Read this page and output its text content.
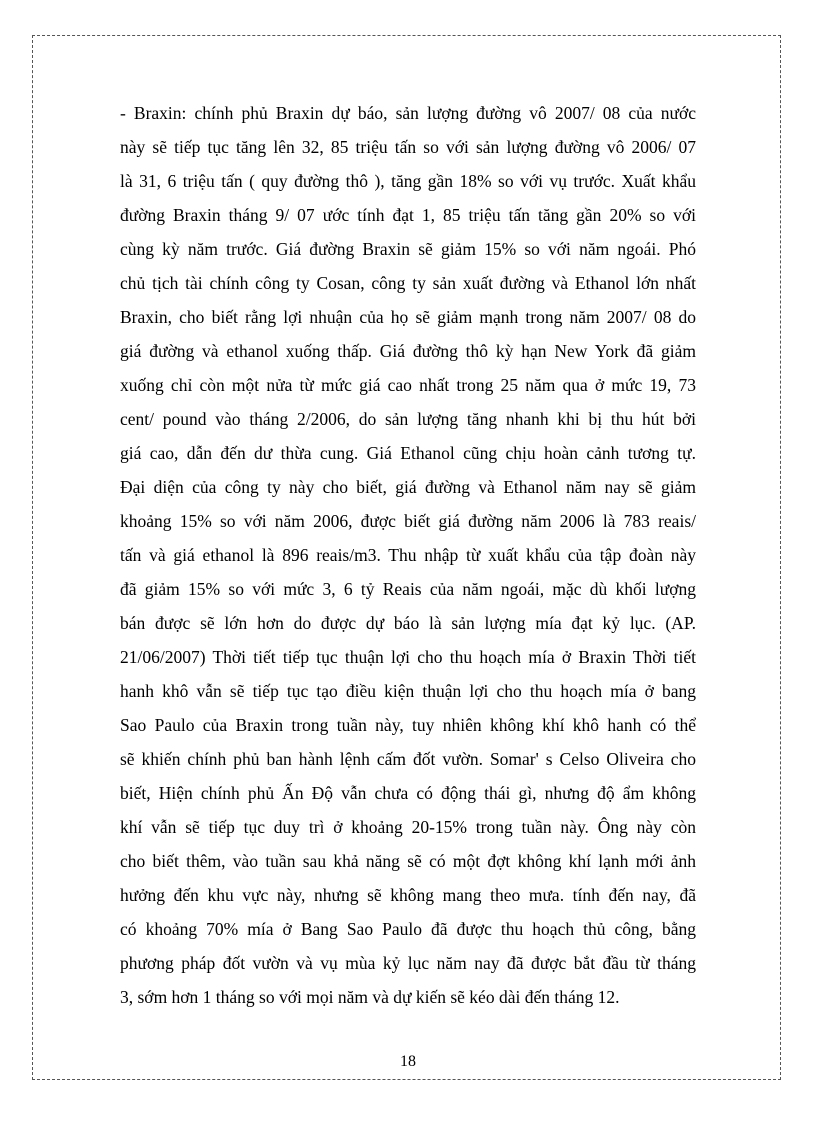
- Braxin: chính phủ Braxin dự báo, sản lượng đường vô 2007/ 08 của nước
này sẽ tiếp tục tăng lên 32, 85 triệu tấn so với sản lượng đường vô 2006/ 07
là 31, 6 triệu tấn ( quy đường thô ), tăng gần 18% so với vụ trước. Xuất khẩu
đường Braxin tháng 9/ 07 ước tính đạt 1, 85 triệu tấn tăng gần 20% so với
cùng kỳ năm trước. Giá đường Braxin sẽ giảm 15% so với năm ngoái. Phó
chủ tịch tài chính công ty Cosan, công ty sản xuất đường và Ethanol lớn nhất
Braxin, cho biết rằng lợi nhuận của họ sẽ giảm mạnh trong năm 2007/ 08 do
giá đường và ethanol xuống thấp. Giá đường thô kỳ hạn New York đã giảm
xuống chỉ còn một nửa từ mức giá cao nhất trong 25 năm qua ở mức 19, 73
cent/ pound vào tháng 2/2006, do sản lượng tăng nhanh khi bị thu hút bởi
giá cao, dẫn đến dư thừa cung. Giá Ethanol cũng chịu hoàn cảnh tương tự.
Đại diện của công ty này cho biết, giá đường và Ethanol năm nay sẽ giảm
khoảng 15% so với năm 2006, được biết giá đường năm 2006 là 783 reais/
tấn và giá ethanol là 896 reais/m3. Thu nhập từ xuất khẩu của tập đoàn này
đã giảm 15% so với mức 3, 6 tỷ Reais của năm ngoái, mặc dù khối lượng
bán được sẽ lớn hơn do được dự báo là sản lượng mía đạt kỷ lục. (AP.
21/06/2007) Thời tiết tiếp tục thuận lợi cho thu hoạch mía ở Braxin Thời tiết
hanh khô vẫn sẽ tiếp tục tạo điều kiện thuận lợi cho thu hoạch mía ở bang
Sao Paulo của Braxin trong tuần này, tuy nhiên không khí khô hanh có thể
sẽ khiến chính phủ ban hành lệnh cấm đốt vườn. Somar' s Celso Oliveira cho
biết, Hiện chính phủ Ấn Độ vẫn chưa có động thái gì, nhưng độ ẩm không
khí vẫn sẽ tiếp tục duy trì ở khoảng 20-15% trong tuần này. Ông này còn
cho biết thêm, vào tuần sau khả năng sẽ có một đợt không khí lạnh mới ảnh
hưởng đến khu vực này, nhưng sẽ không mang theo mưa. tính đến nay, đã
có khoảng 70% mía ở Bang Sao Paulo đã được thu hoạch thủ công, bằng
phương pháp đốt vườn và vụ mùa kỷ lục năm nay đã được bắt đầu từ tháng
3, sớm hơn 1 tháng so với mọi năm và dự kiến sẽ kéo dài đến tháng 12.
18
